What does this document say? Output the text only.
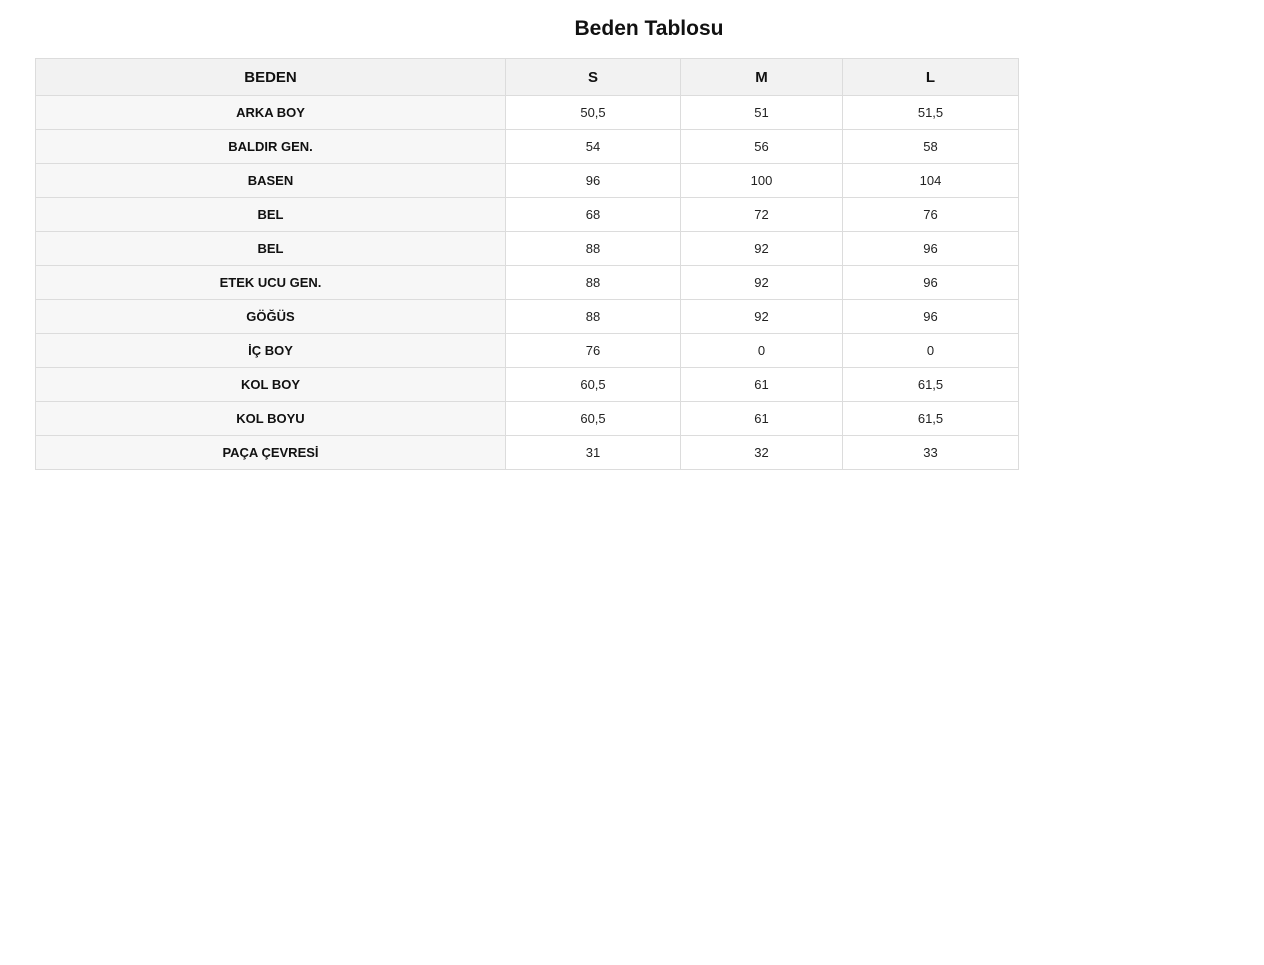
Beden Tablosu
BEDEN	S	M	L
ARKA BOY	50,5	51	51,5
BALDIR GEN.	54	56	58
BASEN	96	100	104
BEL	68	72	76
BEL	88	92	96
ETEK UCU GEN.	88	92	96
GÖĞÜS	88	92	96
İÇ BOY	76	0	0
KOL BOY	60,5	61	61,5
KOL BOYU	60,5	61	61,5
PAÇA ÇEVRESİ	31	32	33
